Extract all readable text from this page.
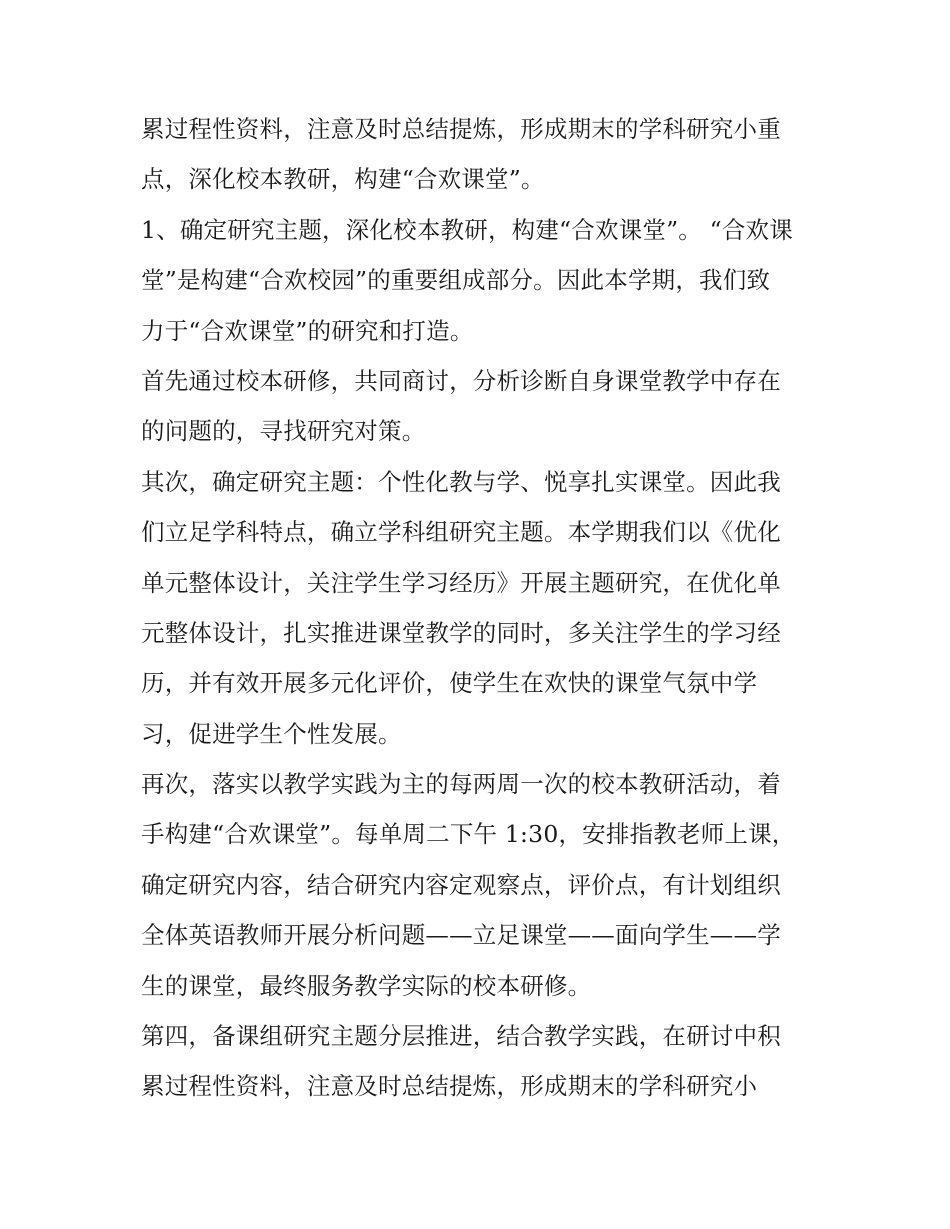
累过程性资料，注意及时总结提炼，形成期末的学科研究小重
点，深化校本教研，构建“合欢课堂”。
1、确定研究主题，深化校本教研，构建“合欢课堂”。 “合欢课
堂”是构建“合欢校园”的重要组成部分。因此本学期，我们致
力于“合欢课堂”的研究和打造。
首先通过校本研修，共同商讨，分析诊断自身课堂教学中存在
的问题的，寻找研究对策。
其次，确定研究主题：个性化教与学、悦享扎实课堂。因此我
们立足学科特点，确立学科组研究主题。本学期我们以《优化
单元整体设计，关注学生学习经历》开展主题研究，在优化单
元整体设计，扎实推进课堂教学的同时，多关注学生的学习经
历，并有效开展多元化评价，使学生在欢快的课堂气氛中学
习，促进学生个性发展。
再次，落实以教学实践为主的每两周一次的校本教研活动，着
手构建“合欢课堂”。每单周二下午 1:30，安排指教老师上课，
确定研究内容，结合研究内容定观察点，评价点，有计划组织
全体英语教师开展分析问题——立足课堂——面向学生——学
生的课堂，最终服务教学实际的校本研修。
第四，备课组研究主题分层推进，结合教学实践，在研讨中积
累过程性资料，注意及时总结提炼，形成期末的学科研究小
